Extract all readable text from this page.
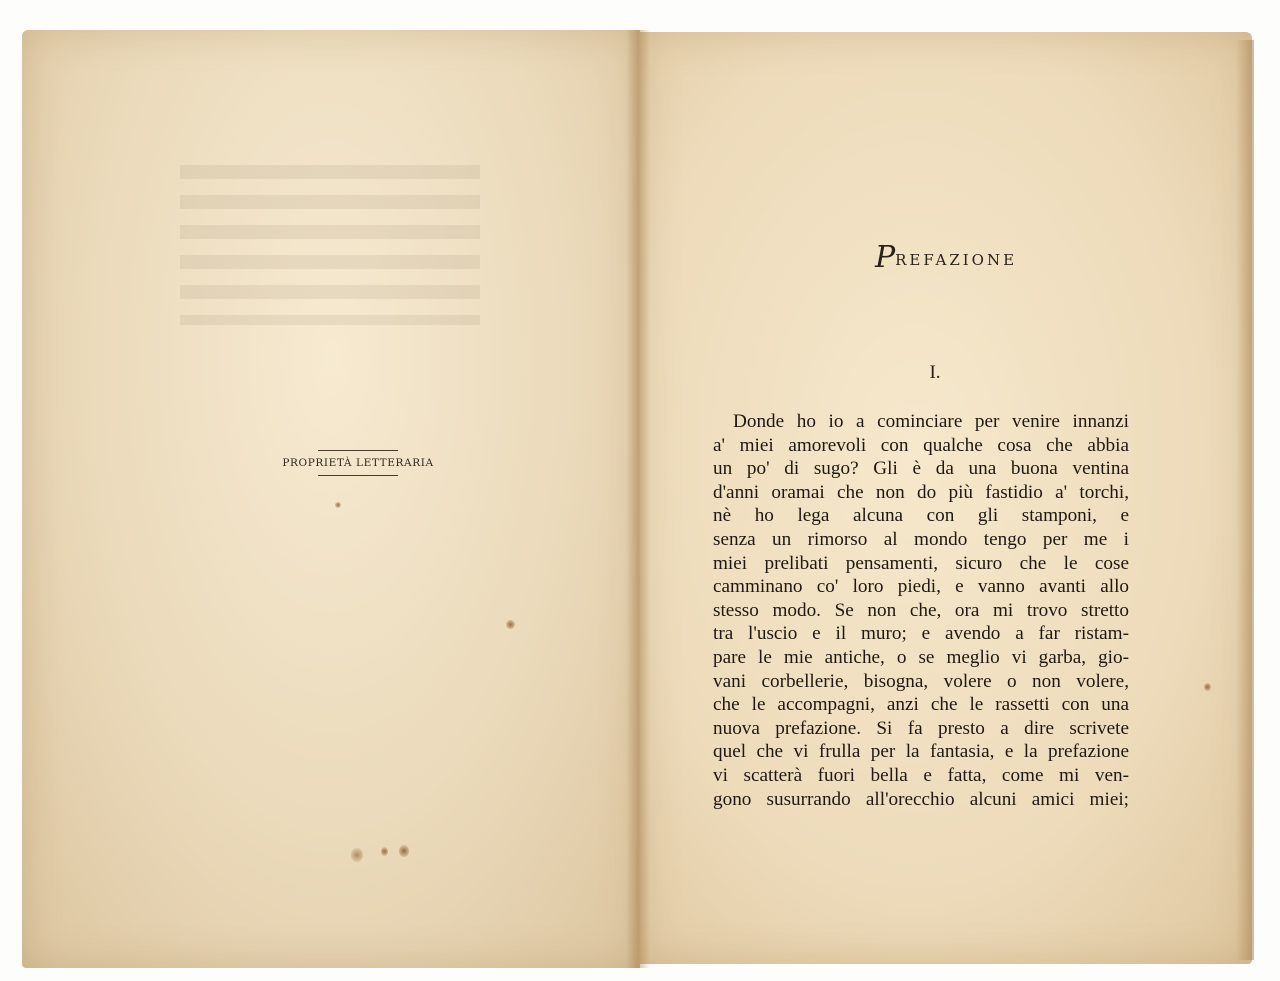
PROPRIETÀ LETTERARIA
PREFAZIONE
I.
Donde ho io a cominciare per venire innanzi
a' miei amorevoli con qualche cosa che abbia
un po' di sugo? Gli è da una buona ventina
d'anni oramai che non do più fastidio a' torchi,
nè ho lega alcuna con gli stamponi, e
senza un rimorso al mondo tengo per me i
miei prelibati pensamenti, sicuro che le cose
camminano co' loro piedi, e vanno avanti allo
stesso modo. Se non che, ora mi trovo stretto
tra l'uscio e il muro; e avendo a far ristam-
pare le mie antiche, o se meglio vi garba, gio-
vani corbellerie, bisogna, volere o non volere,
che le accompagni, anzi che le rassetti con una
nuova prefazione. Si fa presto a dire scrivete
quel che vi frulla per la fantasia, e la prefazione
vi scatterà fuori bella e fatta, come mi ven-
gono susurrando all'orecchio alcuni amici miei;
